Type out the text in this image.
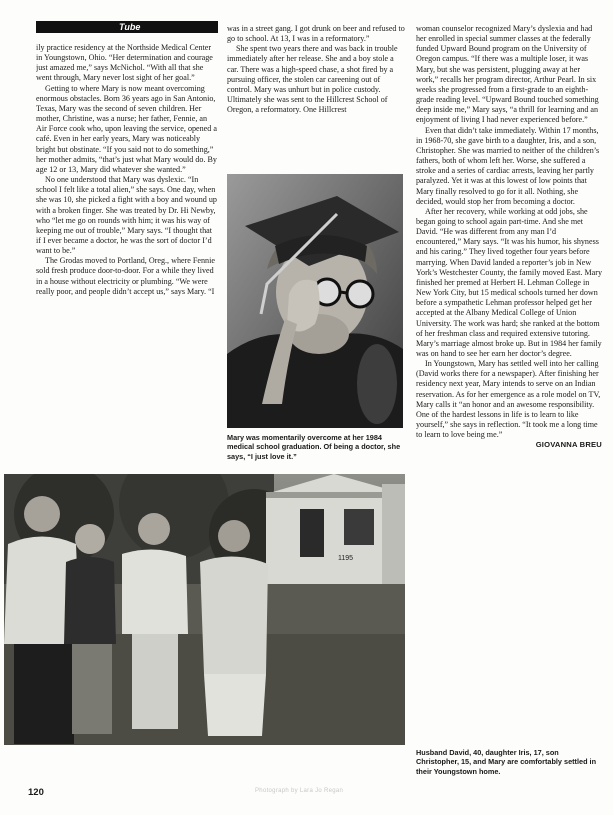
Tube

ily practice residency at the Northside Medical Center in Youngstown, Ohio. “Her determination and courage just amazed me,” says McNichol. “With all that she went through, Mary never lost sight of her goal.”

Getting to where Mary is now meant overcoming enormous obstacles. Born 36 years ago in San Antonio, Texas, Mary was the second of seven children. Her mother, Christine, was a nurse; her father, Fennie, an Air Force cook who, upon leaving the service, opened a café. Even in her early years, Mary was noticeably bright but obstinate. “If you said not to do something,” her mother admits, “that’s just what Mary would do. By age 12 or 13, Mary did whatever she wanted.”

No one understood that Mary was dyslexic. “In school I felt like a total alien,” she says. One day, when she was 10, she picked a fight with a boy and wound up with a broken finger. She was treated by Dr. Hi Newby, who “let me go on rounds with him; it was his way of keeping me out of trouble,” Mary says. “I thought that if I ever became a doctor, he was the sort of doctor I’d want to be.”

The Grodas moved to Portland, Oreg., where Fennie sold fresh produce door-to-door. For a while they lived in a house without electricity or plumbing. “We were really poor, and people didn’t accept us,” says Mary. “I

was in a street gang. I got drunk on beer and refused to go to school. At 13, I was in a reformatory.”

She spent two years there and was back in trouble immediately after her release. She and a boy stole a car. There was a high-speed chase, a shot fired by a pursuing officer, the stolen car careening out of control. Mary was unhurt but in police custody. Ultimately she was sent to the Hillcrest School of Oregon, a reformatory. One Hillcrest

woman counselor recognized Mary’s dyslexia and had her enrolled in special summer classes at the federally funded Upward Bound program on the University of Oregon campus. “If there was a multiple loser, it was Mary, but she was persistent, plugging away at her work,” recalls her program director, Arthur Pearl. In six weeks she progressed from a first-grade to an eighth-grade reading level. “Upward Bound touched something deep inside me,” Mary says, “a thrill for learning and an enjoyment of living I had never experienced before.”

Even that didn’t take immediately. Within 17 months, in 1968-70, she gave birth to a daughter, Iris, and a son, Christopher. She was married to neither of the children’s fathers, both of whom left her. Worse, she suffered a stroke and a series of cardiac arrests, leaving her partly paralyzed. Yet it was at this lowest of low points that Mary finally resolved to go for it all. Nothing, she decided, would stop her from becoming a doctor.

After her recovery, while working at odd jobs, she began going to school again part-time. And she met David. “He was different from any man I’d encountered,” Mary says. “It was his humor, his shyness and his caring.” They lived together four years before marrying. When David landed a reporter’s job in New York’s Westchester County, the family moved East. Mary finished her premed at Herbert H. Lehman College in New York City, but 15 medical schools turned her down before a sympathetic Lehman professor helped get her accepted at the Albany Medical College of Union University. The work was hard; she ranked at the bottom of her freshman class and required extensive tutoring. Mary’s marriage almost broke up. But in 1984 her family was on hand to see her earn her doctor’s degree.

In Youngstown, Mary has settled well into her calling (David works there for a newspaper). After finishing her residency next year, Mary intends to serve on an Indian reservation. As for her emergence as a role model on TV, Mary calls it “an honor and an awesome responsibility. One of the hardest lessons in life is to learn to like yourself,” she says in reflection. “It took me a long time to learn to love being me.”

GIOVANNA BREU

Mary was momentarily overcome at her 1984 medical school graduation. Of being a doctor, she says, “I just love it.”
1195
Husband David, 40, daughter Iris, 17, son Christopher, 15, and Mary are comfortably settled in their Youngstown home.
120	Photograph by Lara Jo Regan
